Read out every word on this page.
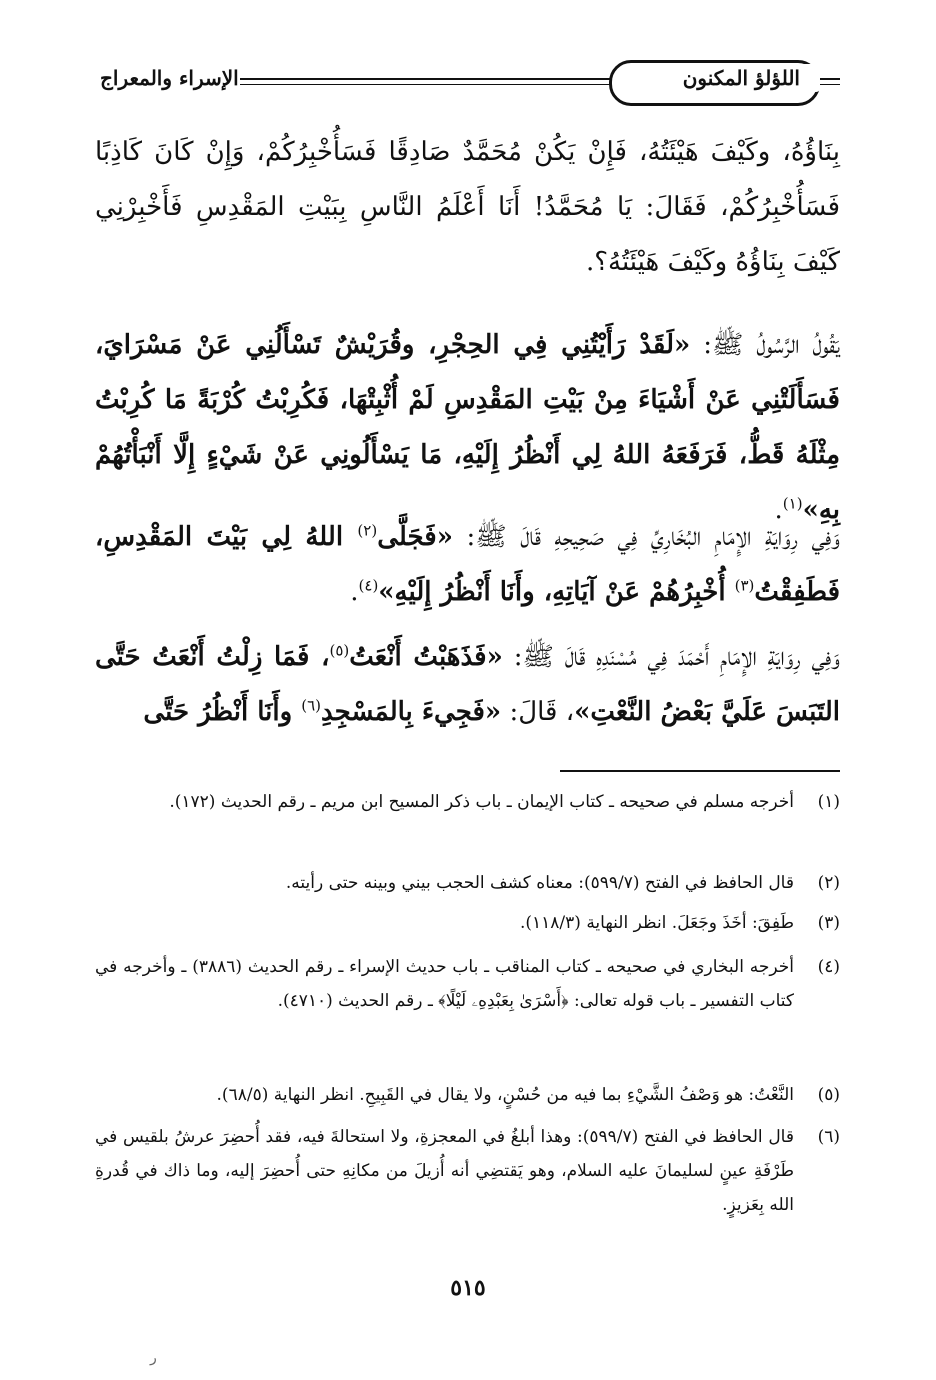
اللؤلؤ المكنون
الإسراء والمعراج
بِنَاؤُهُ، وكَيْفَ هَيْئَتُهُ، فَإِنْ يَكُنْ مُحَمَّدٌ صَادِقًا فَسَأُخْبِرُكُمْ، وَإِنْ كَانَ كَاذِبًا فَسَأُخْبِرُكُمْ، فَقَالَ: يَا مُحَمَّدُ! أَنَا أَعْلَمُ النَّاسِ بِبَيْتِ المَقْدِسِ فَأَخْبِرْنِي كَيْفَ بِنَاؤُهُ وكَيْفَ هَيْئَتُهُ؟.
يَقُولُ الرَّسُولُ ﷺ: «لَقَدْ رَأَيْتُنِي فِي الحِجْرِ، وقُرَيْشٌ تَسْأَلُنِي عَنْ مَسْرَايَ، فَسَأَلَتْنِي عَنْ أَشْيَاءَ مِنْ بَيْتِ المَقْدِسِ لَمْ أُثْبِتْهَا، فَكُرِبْتُ كُرْبَةً مَا كُرِبْتُ مِثْلَهُ قَطُّ، فَرَفَعَهُ اللهُ لِي أَنْظُرُ إِلَيْهِ، مَا يَسْأَلُونِي عَنْ شَيْءٍ إِلَّا أَنْبَأْتُهُمْ بِهِ»$^{(١)}$.
وَفِي رِوَايَةِ الإِمَامِ البُخَارِيِّ فِي صَحِيحِهِ قَالَ ﷺ: «فَجَلَّى$^{(٢)}$ اللهُ لِي بَيْتَ المَقْدِسِ، فَطَفِقْتُ$^{(٣)}$ أُخْبِرُهُمْ عَنْ آيَاتِهِ، وأَنَا أَنْظُرُ إِلَيْهِ»$^{(٤)}$.
وَفِي رِوَايَةِ الإِمَامِ أَحْمَدَ فِي مُسْنَدِهِ قَالَ ﷺ: «فَذَهَبْتُ أَنْعَتُ$^{(٥)}$، فَمَا زِلْتُ أَنْعَتُ حَتَّى التَبَسَ عَلَيَّ بَعْضُ النَّعْتِ»، قَالَ: «فَجِيءَ بِالمَسْجِدِ$^{(٦)}$ وأَنَا أَنْظُرُ حَتَّى
(١)
أخرجه مسلم في صحيحه ـ كتاب الإيمان ـ باب ذكر المسيح ابن مريم ـ رقم الحديث (١٧٢).
(٢)
قال الحافظ في الفتح (٥٩٩/٧): معناه كشف الحجب بيني وبينه حتى رأيته.
(٣)
طَفِقَ: أخَذَ وجَعَلَ. انظر النهاية (١١٨/٣).
(٤)
أخرجه البخاري في صحيحه ـ كتاب المناقب ـ باب حديث الإسراء ـ رقم الحديث (٣٨٨٦) ـ وأخرجه في كتاب التفسير ـ باب قوله تعالى: ﴿أَسْرَىٰ بِعَبْدِهِۦ لَيْلًا﴾ ـ رقم الحديث (٤٧١٠).
(٥)
النَّعْتُ: هو وَصْفُ الشَّيْءِ بما فيه من حُسْنٍ، ولا يقال في القَبِيحِ. انظر النهاية (٦٨/٥).
(٦)
قال الحافظ في الفتح (٥٩٩/٧): وهذا أبلغُ في المعجزةِ، ولا استحالةَ فيه، فقد أُحضِرَ عرشُ بلقيس في طَرْفَةِ عينٍ لسليمانَ عليه السلام، وهو يَقتضِي أنه أُزيلَ من مكانِهِ حتى أُحضِرَ إليه، وما ذاك في قُدرةِ الله بِعَزيزٍ.
٥١٥
ر
